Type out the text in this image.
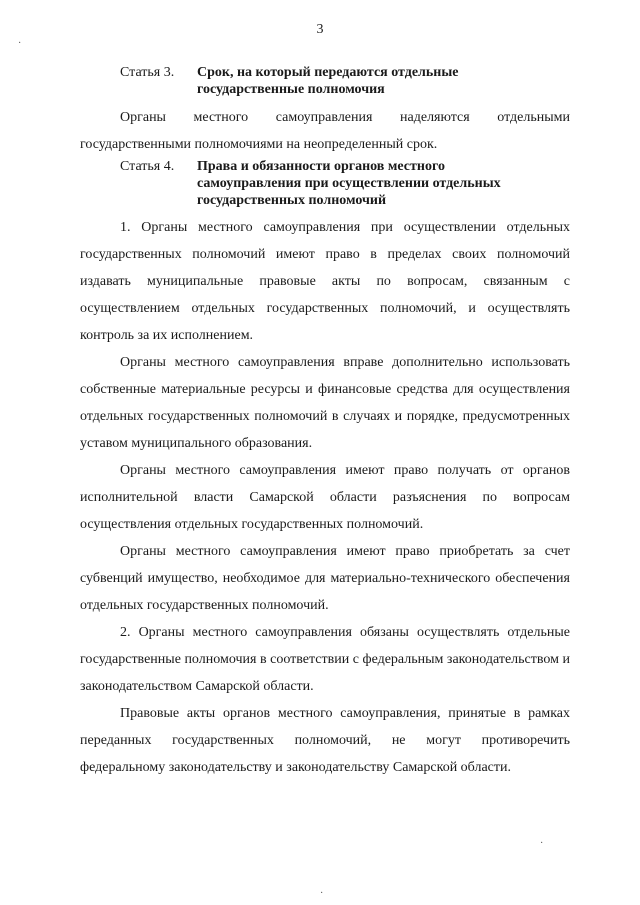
3
Статья 3. Срок, на который передаются отдельные государственные полномочия

Органы местного самоуправления наделяются отдельными государственными полномочиями на неопределенный срок.

Статья 4. Права и обязанности органов местного самоуправления при осуществлении отдельных государственных полномочий

1. Органы местного самоуправления при осуществлении отдельных государственных полномочий имеют право в пределах своих полномочий издавать муниципальные правовые акты по вопросам, связанным с осуществлением отдельных государственных полномочий, и осуществлять контроль за их исполнением.

Органы местного самоуправления вправе дополнительно использовать собственные материальные ресурсы и финансовые средства для осуществления отдельных государственных полномочий в случаях и порядке, предусмотренных уставом муниципального образования.

Органы местного самоуправления имеют право получать от органов исполнительной власти Самарской области разъяснения по вопросам осуществления отдельных государственных полномочий.

Органы местного самоуправления имеют право приобретать за счет субвенций имущество, необходимое для материально-технического обеспечения отдельных государственных полномочий.

2. Органы местного самоуправления обязаны осуществлять отдельные государственные полномочия в соответствии с федеральным законодательством и законодательством Самарской области.

Правовые акты органов местного самоуправления, принятые в рамках переданных государственных полномочий, не могут противоречить федеральному законодательству и законодательству Самарской области.

·
·
·
